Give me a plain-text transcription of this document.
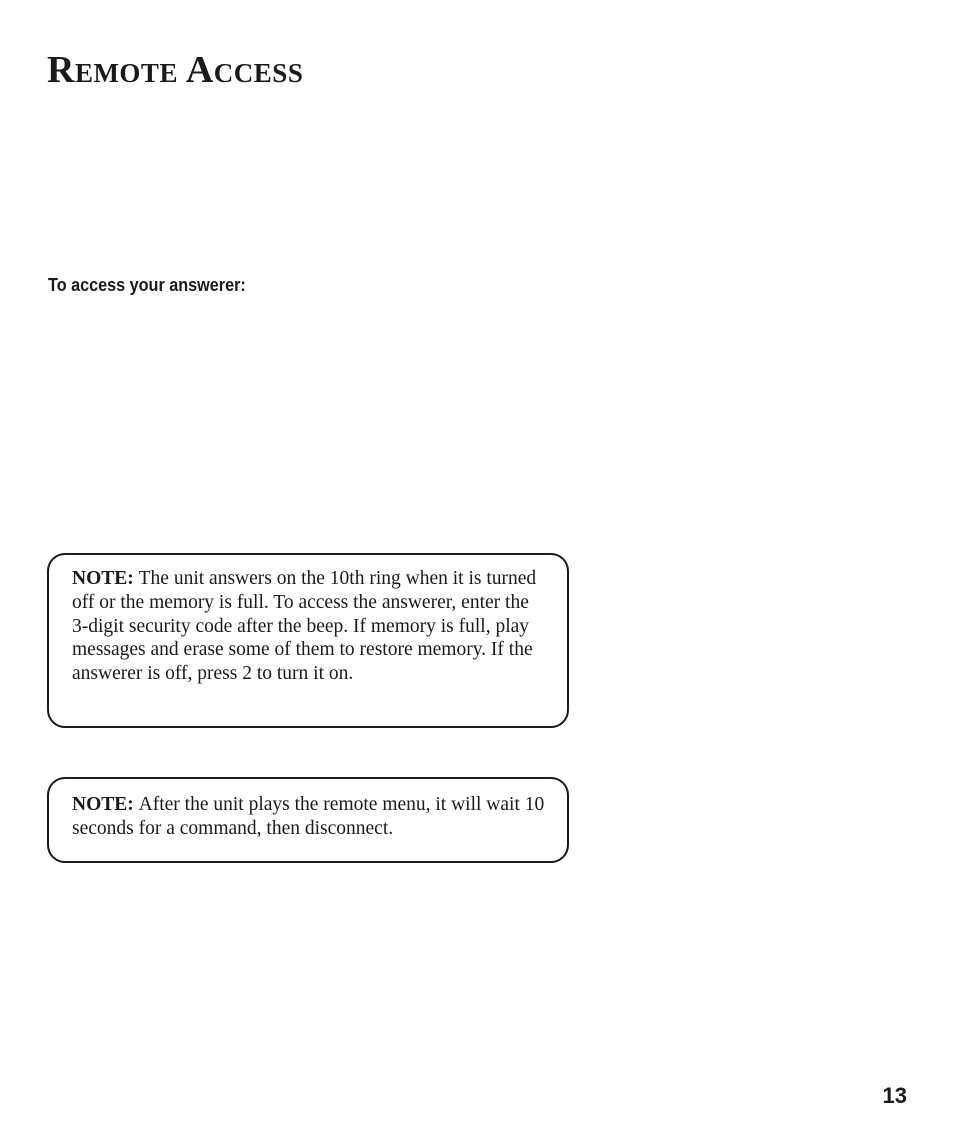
Remote Access
To access your answerer:
NOTE: The unit answers on the 10th ring when it is turned off or the memory is full. To access the answerer, enter the 3-digit security code after the beep. If memory is full, play messages and erase some of them to restore memory. If the answerer is off, press 2 to turn it on.
NOTE: After the unit plays the remote menu, it will wait 10 seconds for a command, then disconnect.
13
